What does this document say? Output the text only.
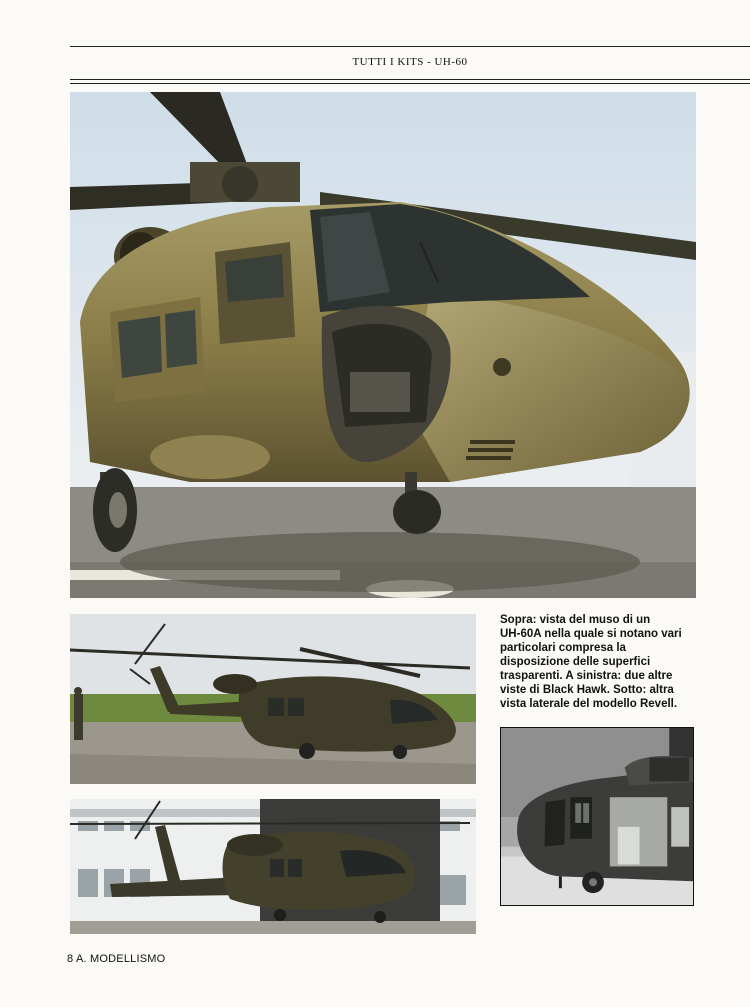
TUTTI I KITS - UH-60
Sopra: vista del muso di un
UH-60A nella quale si notano vari
particolari compresa la
disposizione delle superfici
trasparenti. A sinistra: due altre
viste di Black Hawk. Sotto: altra
vista laterale del modello Revell.
8 A. MODELLISMO
